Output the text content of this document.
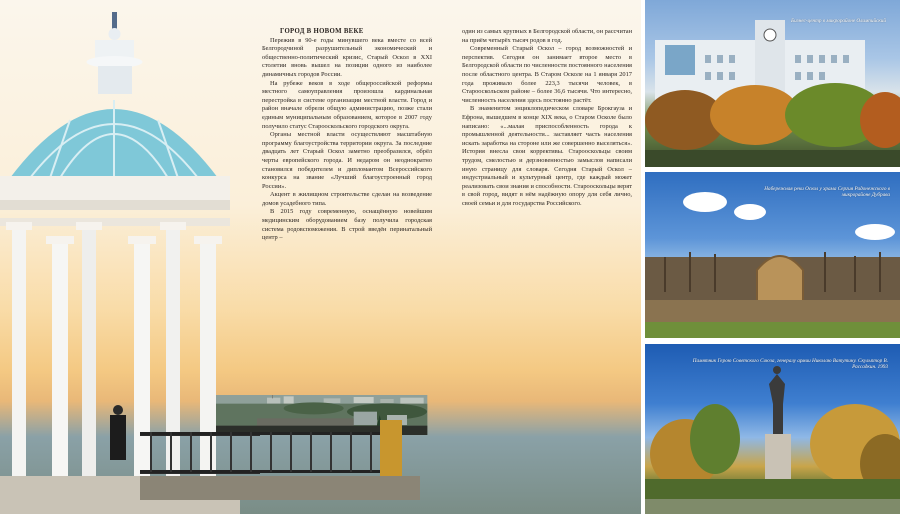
ГОРОД В НОВОМ ВЕКЕ

Пережив в 90-е годы минувшего века вместе со всей Белгородчиной разрушительный экономический и общественно-политический кризис, Старый Оскол в XXI столетии вновь вышел на позиции одного из наиболее динамичных городов России.

На рубеже веков в ходе общероссийской реформы местного самоуправления произошла кардинальная перестройка в системе организации местной власти. Город и район вначале обрели общую администрацию, позже стали единым муниципальным образованием, которое в 2007 году получило статус Старооскольского городского округа.

Органы местной власти осуществляют масштабную программу благоустройства территории округа. За последние двадцать лет Старый Оскол заметно преобразился, обрёл черты европейского города. И недаром он неоднократно становился победителем и дипломантом Всероссийского конкурса на звание «Лучший благоустроенный город России».

Акцент в жилищном строительстве сделан на возведение домов усадебного типа.

В 2015 году современную, оснащённую новейшим медицинским оборудованием базу получила городская система родовспоможения. В строй введён перинатальный центр –

один из самых крупных в Белгородской области, он рассчитан на приём четырёх тысяч родов в год.

Современный Старый Оскол – город возможностей и перспектив. Сегодня он занимает второе место в Белгородской области по численности постоянного населения после областного центра. В Старом Осколе на 1 января 2017 года проживало более 223,3 тысячи человек, в Старооскольском районе – более 36,6 тысячи. Что интересно, численность населения здесь постоянно растёт.

В знаменитом энциклопедическом словаре Брокгауза и Ефрона, вышедшем в конце XIX века, о Старом Осколе было написано: «...малая приспособленность города к промышленной деятельности... заставляет часть населения искать заработка на стороне или же совершенно выселяться». История внесла свои коррективы. Старооскольцы своим трудом, смелостью и дерзновенностью замыслов написали иную страницу для словаря. Сегодня Старый Оскол – индустриальный и культурный центр, где каждый может реализовать свои знания и способности. Старооскольцы верят в свой город, видят в нём надёжную опору для себя лично, своей семьи и для государства Российского.

Бизнес-центр в микрорайоне Олимпийский
Набережная реки Оскол у храма Сергия Радонежского в микрорайоне Дубрава
Памятник Герою Советского Союза, генералу армии Николаю Ватутину. Скульптор В. Рассадкин. 1993
